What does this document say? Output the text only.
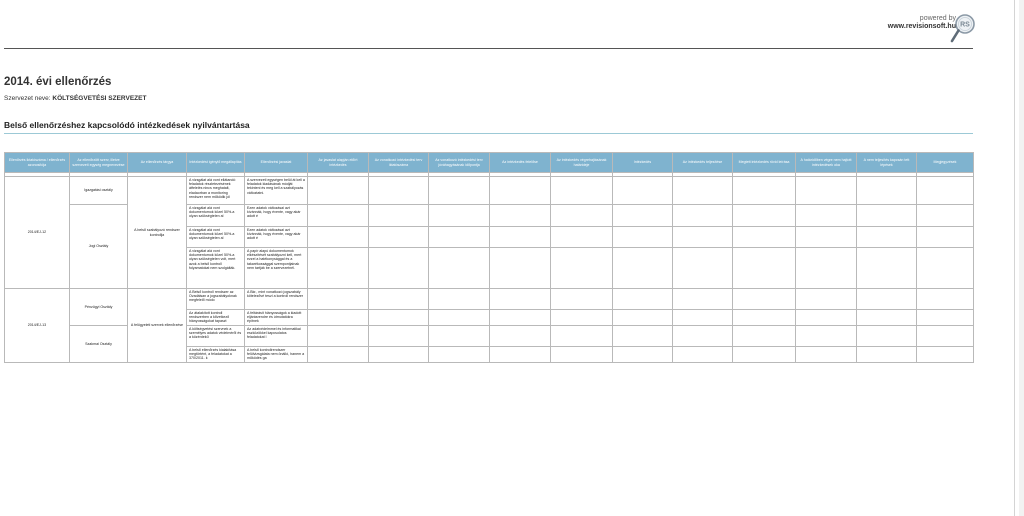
powered by
www.revisionsoft.hu RS
2014. évi ellenőrzés
Szervezet neve: KÖLTSÉGVETÉSI SZERVEZET
Belső ellenőrzéshez kapcsolódó intézkedések nyilvántartása
Ellenőrzés iktatószáma / ellenőrzés azonosítója	Az ellenőrzött szerv, illetve szervezeti egység megnevezése	Az ellenőrzés tárgya	Intézkedést igénylő megállapítás	Ellenőrzési javaslat	Az javaslat alapján előírt intézkedés	Az vonatkozó intézkedési terv iktatószáma	Az vonatkozó intézkedési terv jóváhagyásának időpontja	Az intézkedés felelőse	Az intézkedés végrehajtásának határideje	Intézkedés	Az intézkedés teljesítése	Megtett intézkedés rövid leírása	A határidőben végre nem hajtott intézkedések oka	A nem teljesítés kapcsán tett lépések	Megjegyzések

2014/EJ-12	Igazgatási osztály	A belső szabályozó rendszer kontrollja	A vizsgálat alá vont ellátandó feladatok részletezésének átfelelés nincs meghatalt, eladaorban a monitoring rendszer nem működik jól	A szervezeti egységen belül át kell a feladatok kiadásának módját tekinteni és meg kell a szabályozás változtatni.											
	Jogi Osztály		A vizsgálat alá vont dokumentumok közel 50%-a olyan szükségtelen al	Ezen adatok változásai azt kívánnák, hogy évente, vagy akár adott é											
			A vizsgálat alá vont dokumentumok közel 50%-a olyan szükségtelen al	Ezen adatok változásai azt kívánnák, hogy évente, vagy akár adott é											
			A vizsgálat alá vont dokumentumok közel 50%-a olyan szükségtelen volt, mert azok a belső kontroll folyamatokat nem szolgálták.	A papír alapú dokumentumok elkészítését szabályozni kell, mert ezzel a hatékonysággal és a takarékossággal szempontjainak nem tartják be a szervezetnél.											
2014/EJ-13	Pénzügyi Osztály	A felügyeleti szervek ellenőrzése	A Belső kontroll rendszer az Ovadálsan a jogszabályoknak megfelelő módo	A Bkr., mint vonatkozó jogszabály kötelezővé teszi a kontroll rendszer											
			Az átalakított kontroll rendszerben a kővetkező hiányosságokat tapaszt	A feltárásit hiányosságok a kiadott eljárásrendre és útmutatókra építnek											
	Szakmai Osztály		A költségvetési szervnek a személyes adatok védelméről és a közérdekű	Az adatvédelmmel és informatikai eszközökkel kapcsolatos feladatokat l											
			A belső ellenőrzés kialakítása megtörtént, a feladatokat a 370/2011. k	A belső kontrollrendszer felülvizsgálata nem önálló, hanem a működés ga											
